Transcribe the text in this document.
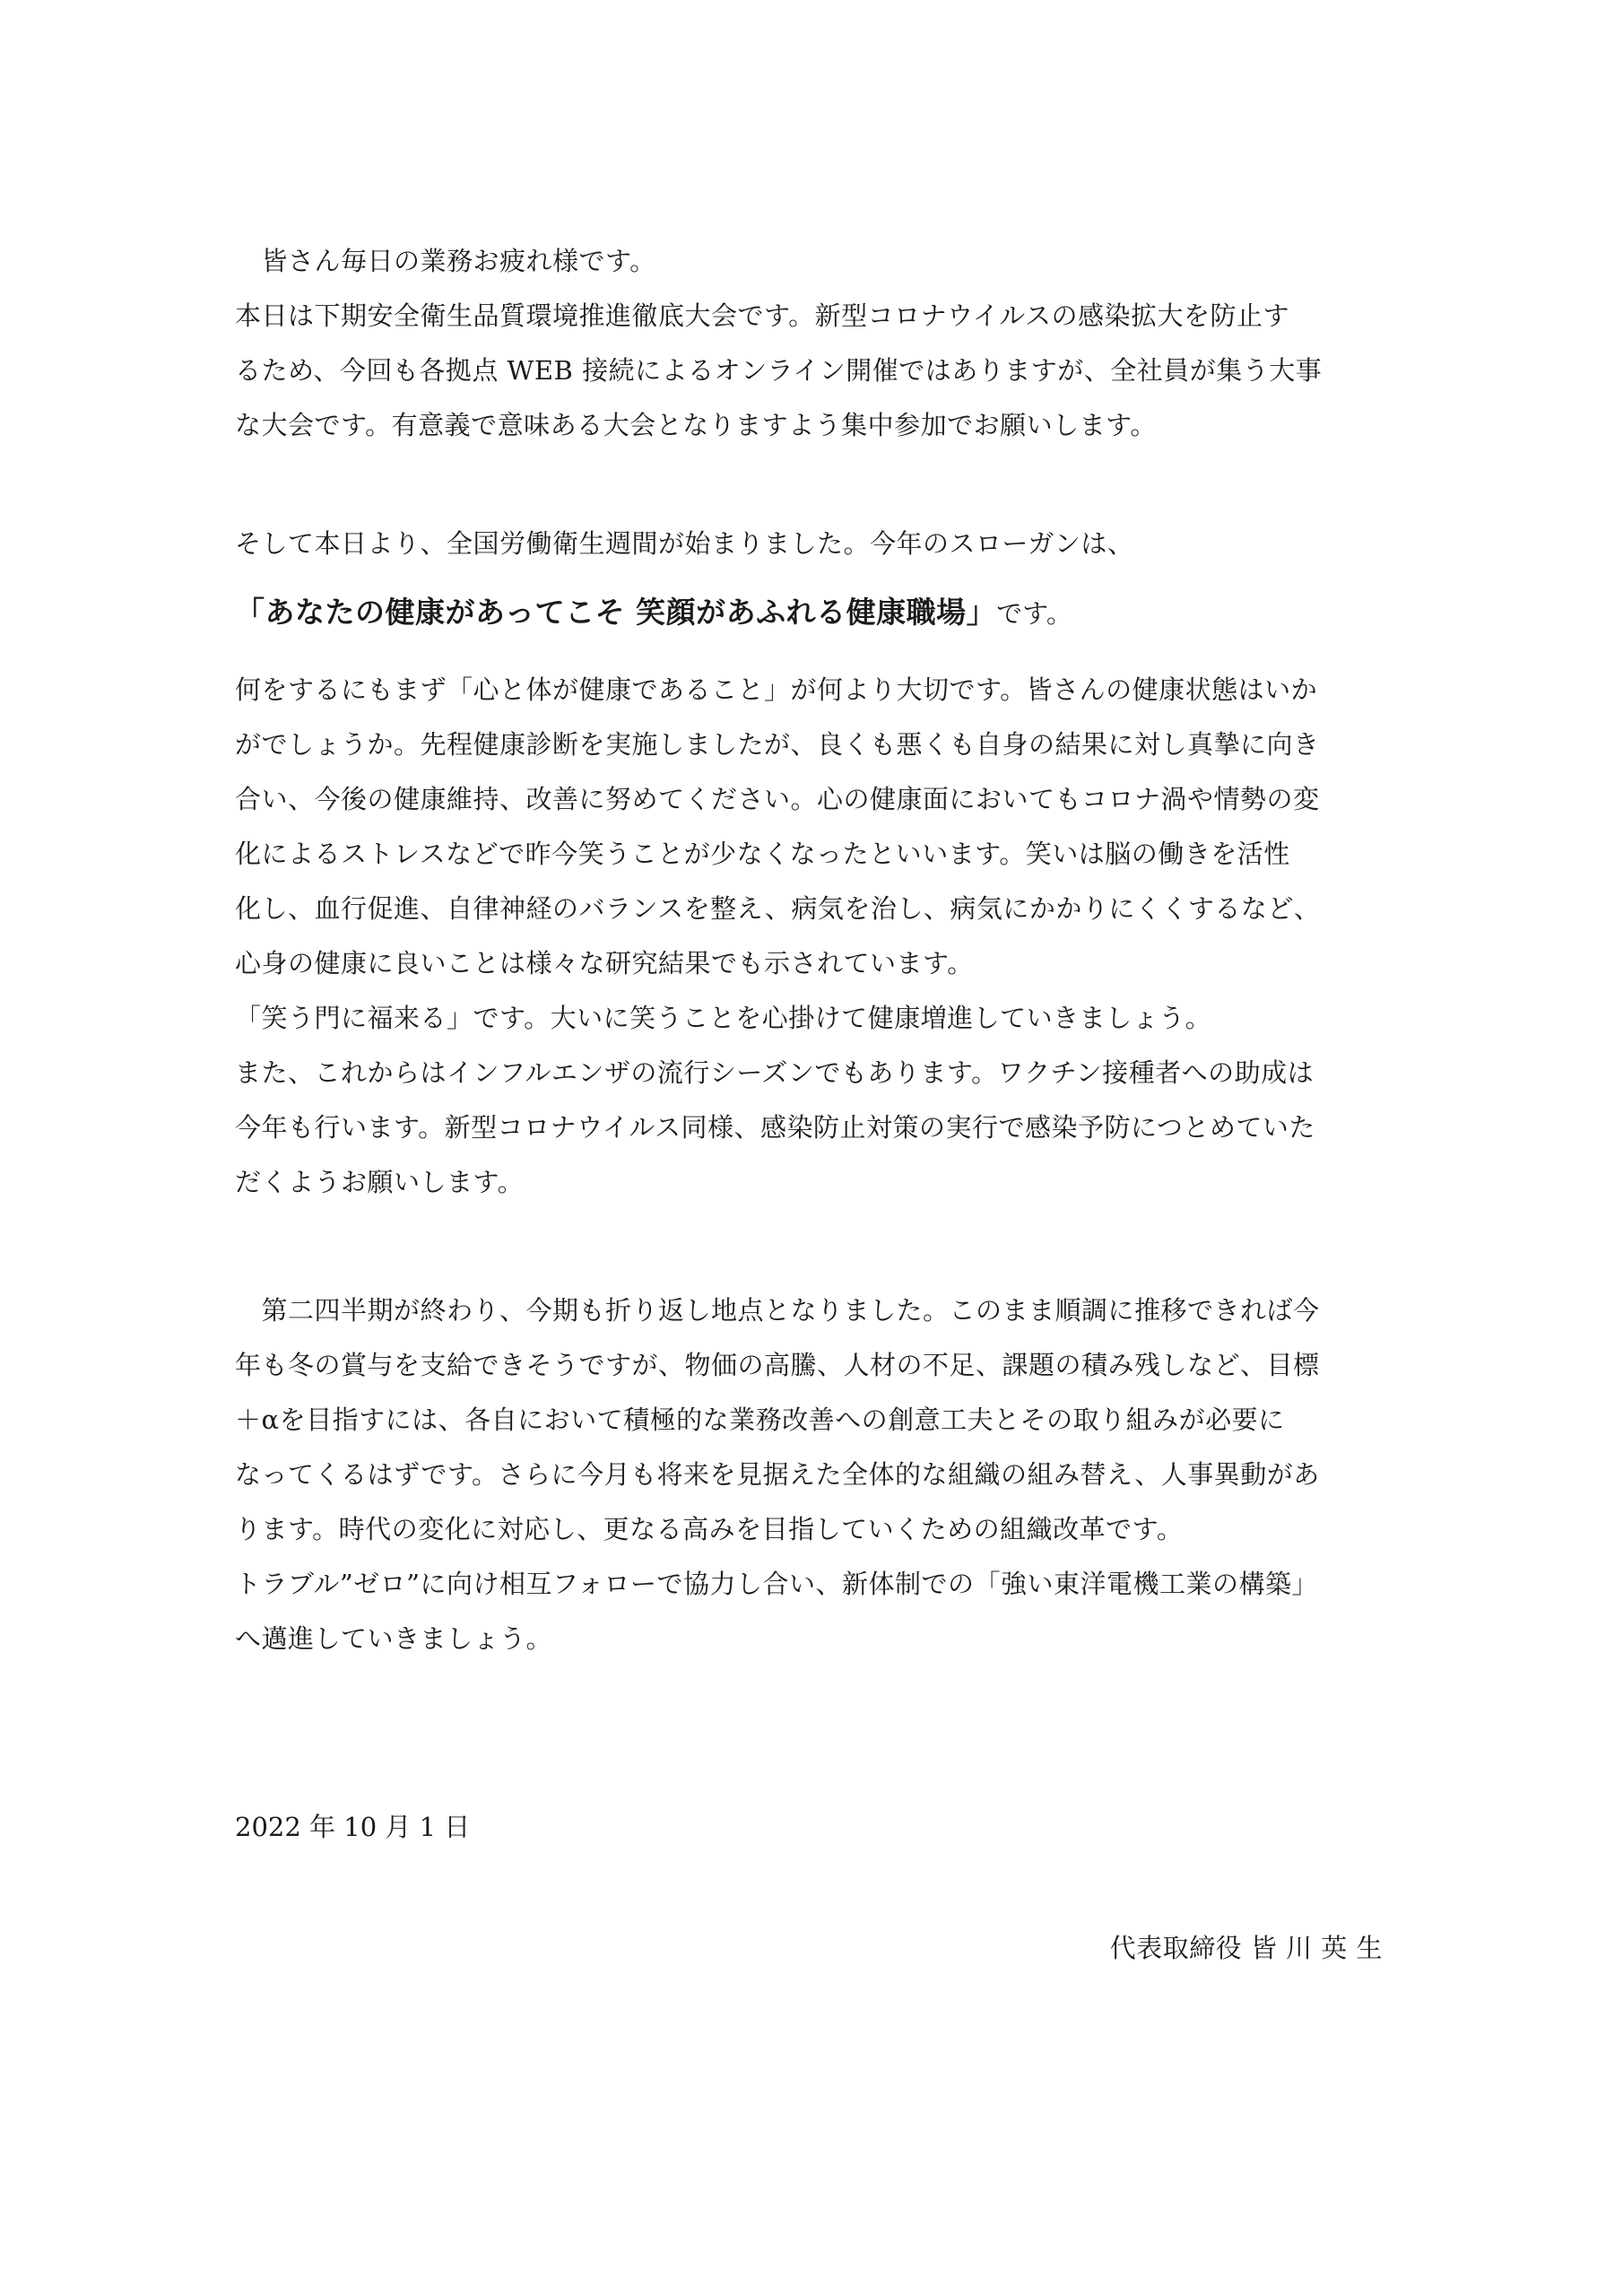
　皆さん毎日の業務お疲れ様です。
本日は下期安全衛生品質環境推進徹底大会です。新型コロナウイルスの感染拡大を防止す
るため、今回も各拠点 WEB 接続によるオンライン開催ではありますが、全社員が集う大事
な大会です。有意義で意味ある大会となりますよう集中参加でお願いします。
そして本日より、全国労働衛生週間が始まりました。今年のスローガンは、
「あなたの健康があってこそ 笑顔があふれる健康職場」です。
何をするにもまず「心と体が健康であること」が何より大切です。皆さんの健康状態はいか
がでしょうか。先程健康診断を実施しましたが、良くも悪くも自身の結果に対し真摯に向き
合い、今後の健康維持、改善に努めてください。心の健康面においてもコロナ渦や情勢の変
化によるストレスなどで昨今笑うことが少なくなったといいます。笑いは脳の働きを活性
化し、血行促進、自律神経のバランスを整え、病気を治し、病気にかかりにくくするなど、
心身の健康に良いことは様々な研究結果でも示されています。
「笑う門に福来る」です。大いに笑うことを心掛けて健康増進していきましょう。
また、これからはインフルエンザの流行シーズンでもあります。ワクチン接種者への助成は
今年も行います。新型コロナウイルス同様、感染防止対策の実行で感染予防につとめていた
だくようお願いします。
　第二四半期が終わり、今期も折り返し地点となりました。このまま順調に推移できれば今
年も冬の賞与を支給できそうですが、物価の高騰、人材の不足、課題の積み残しなど、目標
＋αを目指すには、各自において積極的な業務改善への創意工夫とその取り組みが必要に
なってくるはずです。さらに今月も将来を見据えた全体的な組織の組み替え、人事異動があ
ります。時代の変化に対応し、更なる高みを目指していくための組織改革です。
トラブル”ゼロ”に向け相互フォローで協力し合い、新体制での「強い東洋電機工業の構築」
へ邁進していきましょう。
2022 年 10 月 1 日
代表取締役 皆 川 英 生
